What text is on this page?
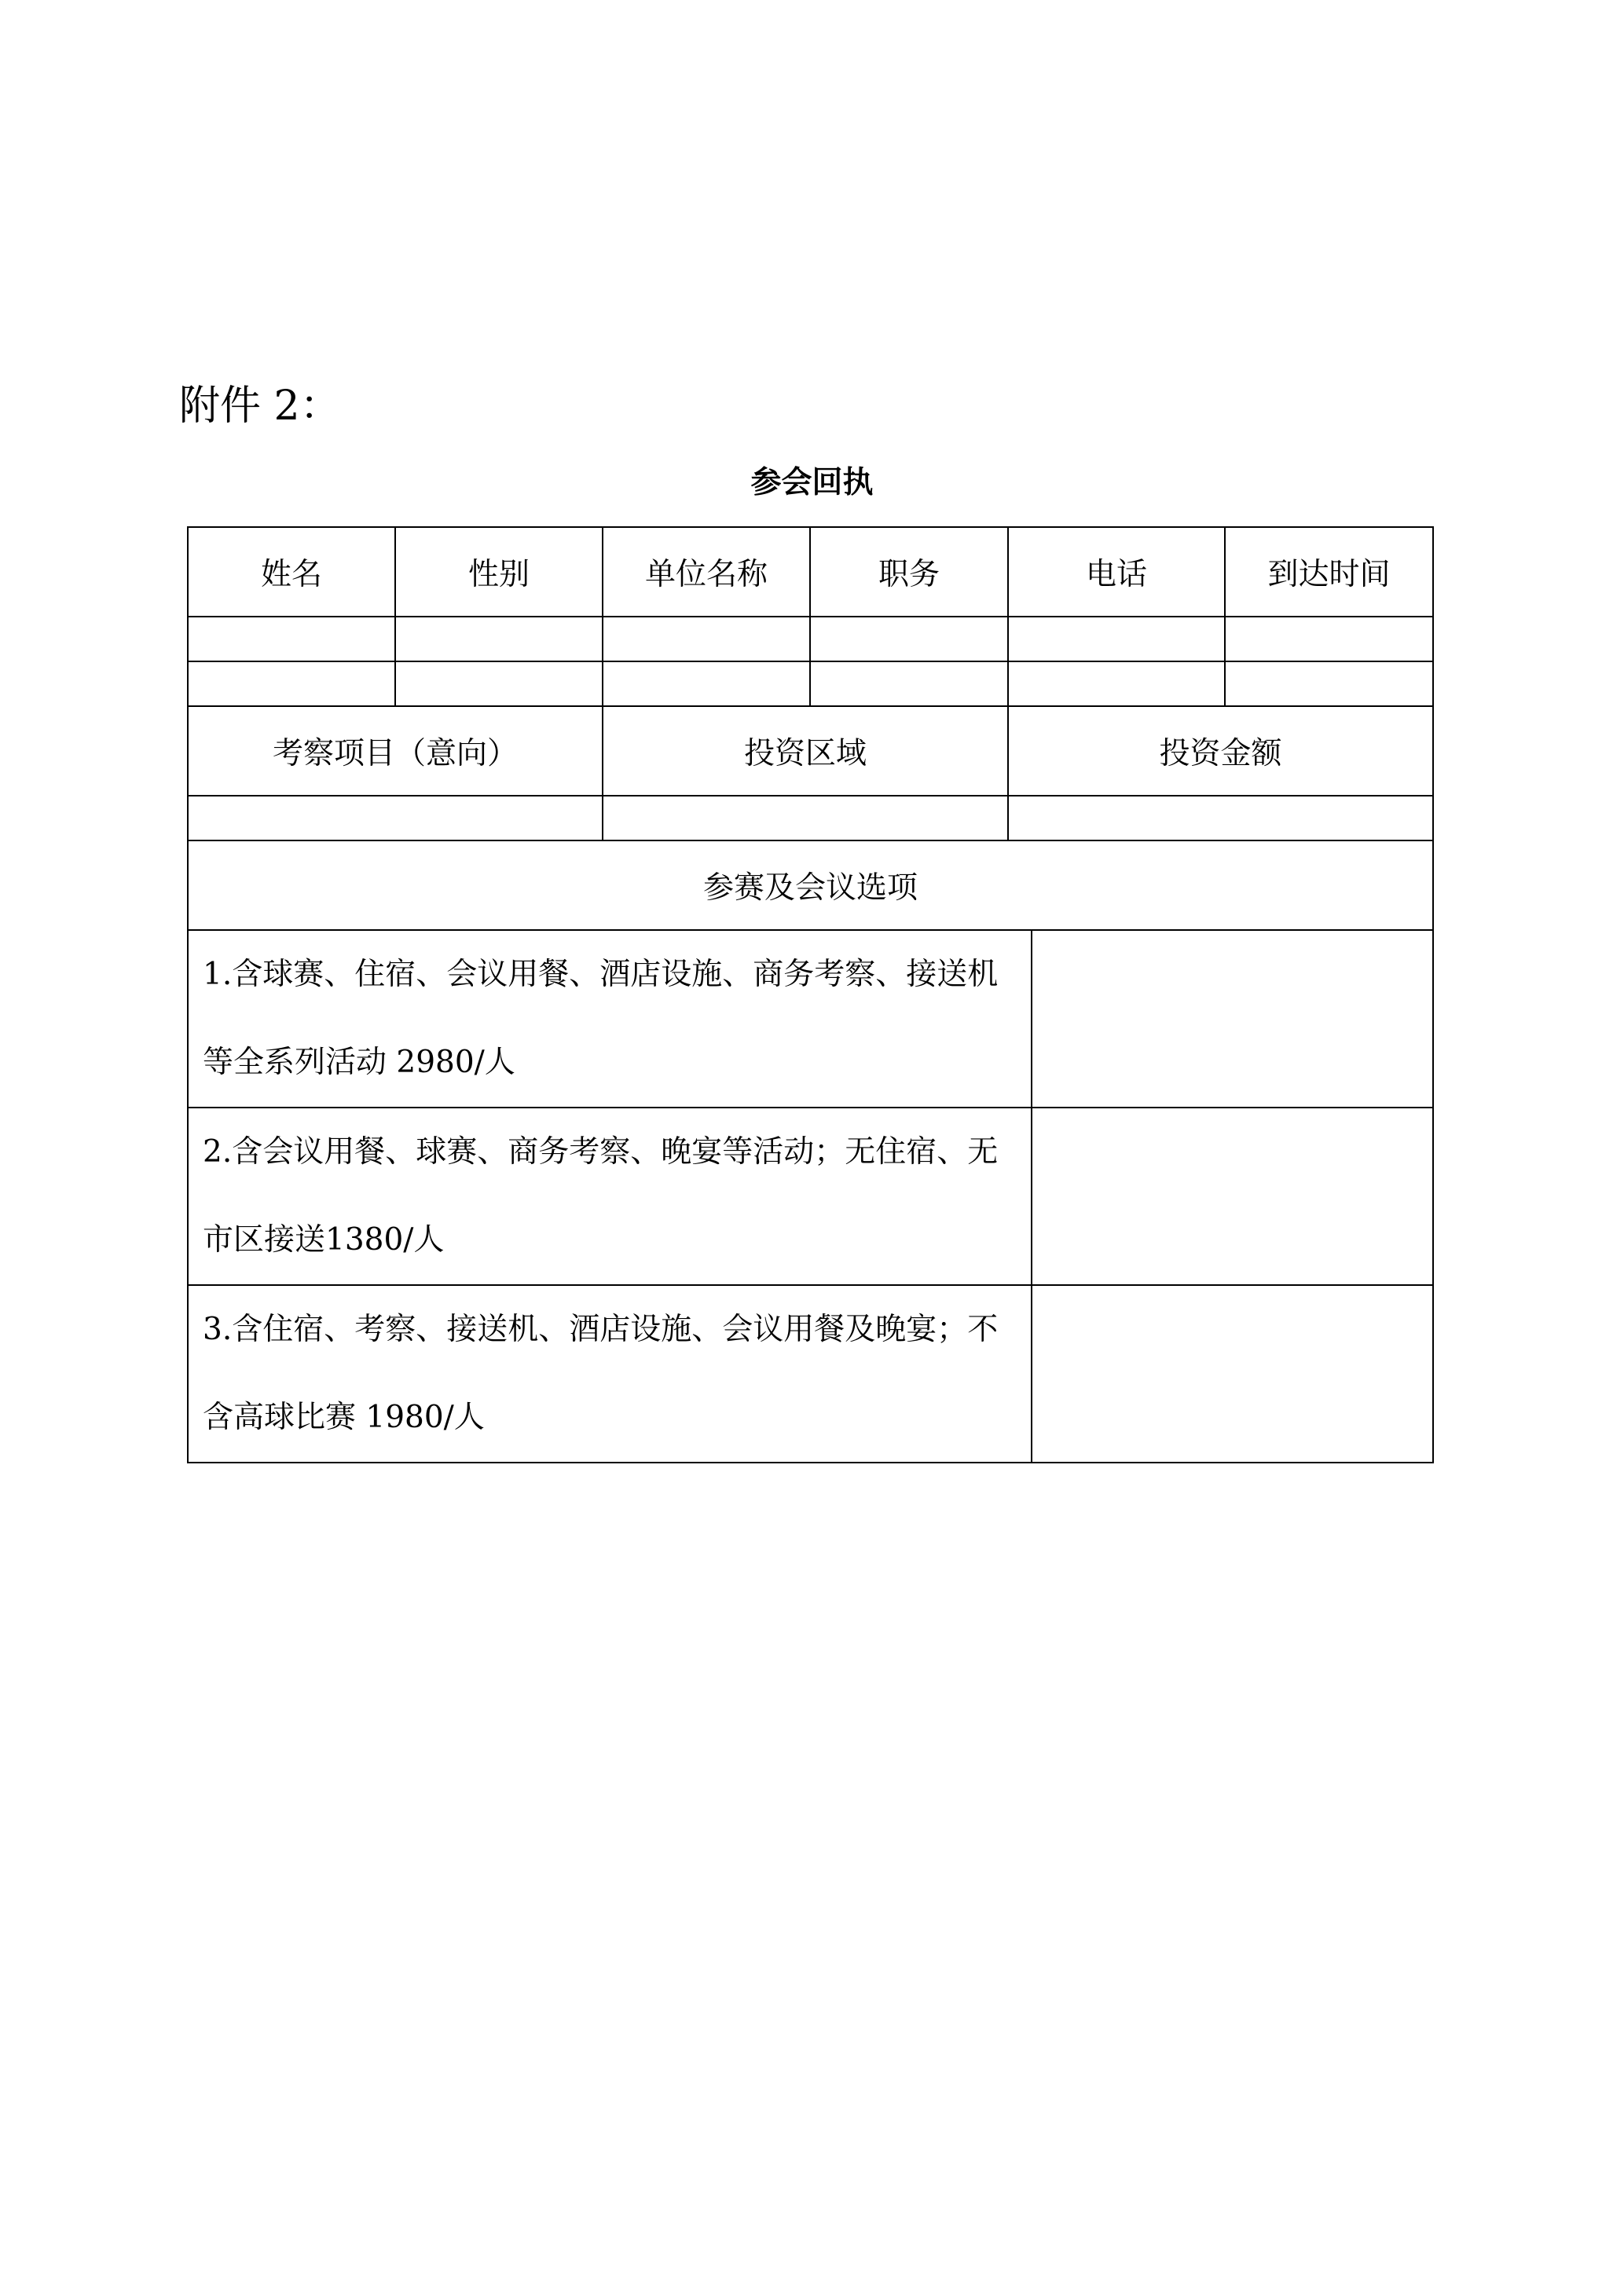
附件 2：
参会回执
姓名	性别	单位名称	职务	电话		到达时间

考察项目（意向）		投资区域		投资金额		

参赛及会议选项						
1.含球赛、住宿、会议用餐、酒店设施、商务考察、接送机等全系列活动 2980/人						
2.含会议用餐、球赛、商务考察、晚宴等活动；无住宿、无市区接送1380/人						
3.含住宿、考察、接送机、酒店设施、会议用餐及晚宴；不含高球比赛 1980/人						
